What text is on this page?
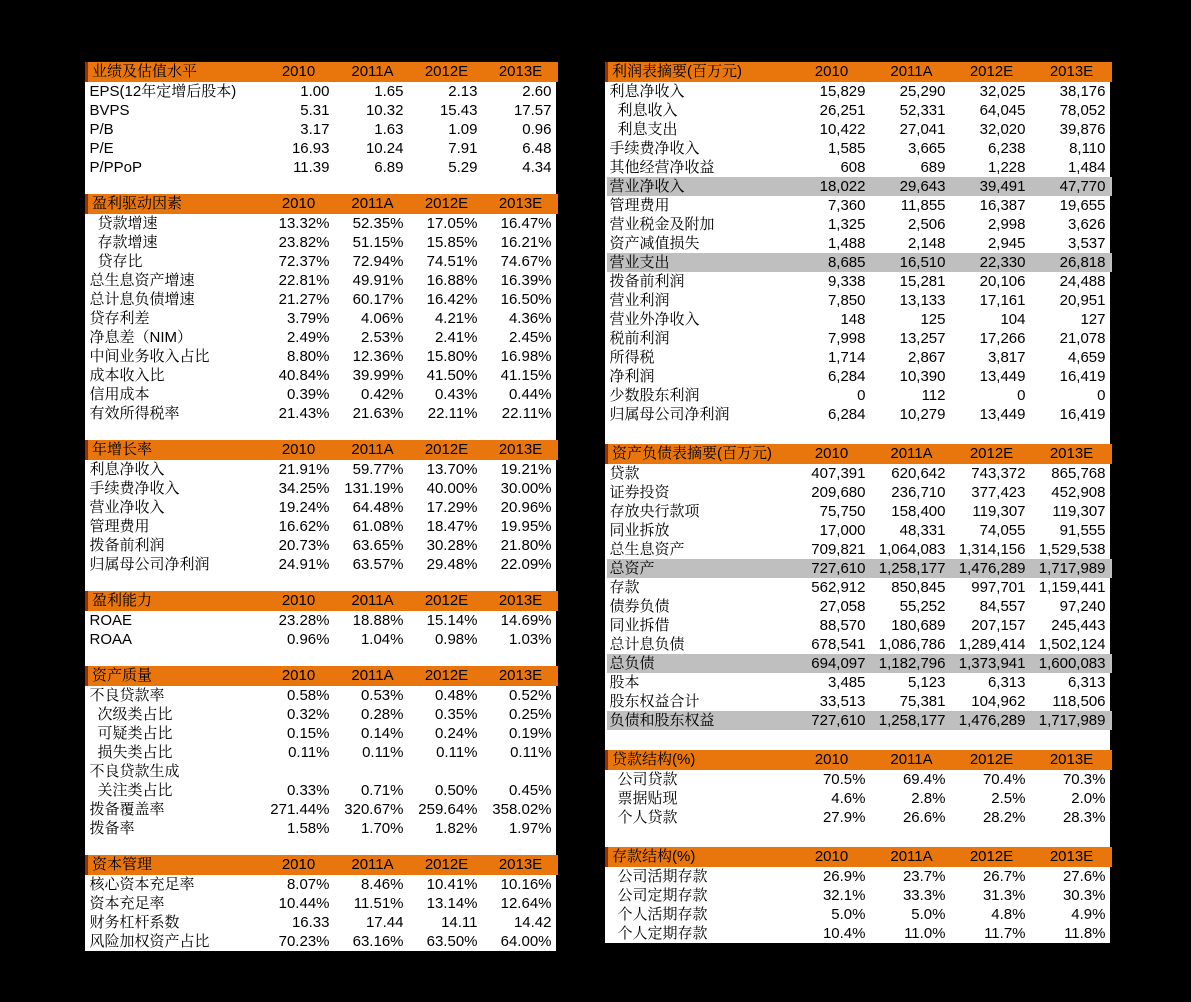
业绩及估值水平	2010	2011A	2012E	2013E
EPS(12年定增后股本)	1.00	1.65	2.13	2.60
BVPS	5.31	10.32	15.43	17.57
P/B	3.17	1.63	1.09	0.96
P/E	16.93	10.24	7.91	6.48
P/PPoP	11.39	6.89	5.29	4.34
盈利驱动因素	2010	2011A	2012E	2013E
贷款增速	13.32%	52.35%	17.05%	16.47%
存款增速	23.82%	51.15%	15.85%	16.21%
贷存比	72.37%	72.94%	74.51%	74.67%
总生息资产增速	22.81%	49.91%	16.88%	16.39%
总计息负债增速	21.27%	60.17%	16.42%	16.50%
贷存利差	3.79%	4.06%	4.21%	4.36%
净息差（NIM）	2.49%	2.53%	2.41%	2.45%
中间业务收入占比	8.80%	12.36%	15.80%	16.98%
成本收入比	40.84%	39.99%	41.50%	41.15%
信用成本	0.39%	0.42%	0.43%	0.44%
有效所得税率	21.43%	21.63%	22.11%	22.11%
年增长率	2010	2011A	2012E	2013E
利息净收入	21.91%	59.77%	13.70%	19.21%
手续费净收入	34.25%	131.19%	40.00%	30.00%
营业净收入	19.24%	64.48%	17.29%	20.96%
管理费用	16.62%	61.08%	18.47%	19.95%
拨备前利润	20.73%	63.65%	30.28%	21.80%
归属母公司净利润	24.91%	63.57%	29.48%	22.09%
盈利能力	2010	2011A	2012E	2013E
ROAE	23.28%	18.88%	15.14%	14.69%
ROAA	0.96%	1.04%	0.98%	1.03%
资产质量	2010	2011A	2012E	2013E
不良贷款率	0.58%	0.53%	0.48%	0.52%
次级类占比	0.32%	0.28%	0.35%	0.25%
可疑类占比	0.15%	0.14%	0.24%	0.19%
损失类占比	0.11%	0.11%	0.11%	0.11%
不良贷款生成				
关注类占比	0.33%	0.71%	0.50%	0.45%
拨备覆盖率	271.44%	320.67%	259.64%	358.02%
拨备率	1.58%	1.70%	1.82%	1.97%
资本管理	2010	2011A	2012E	2013E
核心资本充足率	8.07%	8.46%	10.41%	10.16%
资本充足率	10.44%	11.51%	13.14%	12.64%
财务杠杆系数	16.33	17.44	14.11	14.42
风险加权资产占比	70.23%	63.16%	63.50%	64.00%
利润表摘要(百万元)	2010	2011A	2012E	2013E
利息净收入	15,829	25,290	32,025	38,176
利息收入	26,251	52,331	64,045	78,052
利息支出	10,422	27,041	32,020	39,876
手续费净收入	1,585	3,665	6,238	8,110
其他经营净收益	608	689	1,228	1,484
营业净收入	18,022	29,643	39,491	47,770
管理费用	7,360	11,855	16,387	19,655
营业税金及附加	1,325	2,506	2,998	3,626
资产减值损失	1,488	2,148	2,945	3,537
营业支出	8,685	16,510	22,330	26,818
拨备前利润	9,338	15,281	20,106	24,488
营业利润	7,850	13,133	17,161	20,951
营业外净收入	148	125	104	127
税前利润	7,998	13,257	17,266	21,078
所得税	1,714	2,867	3,817	4,659
净利润	6,284	10,390	13,449	16,419
少数股东利润	0	112	0	0
归属母公司净利润	6,284	10,279	13,449	16,419
资产负债表摘要(百万元)	2010	2011A	2012E	2013E
贷款	407,391	620,642	743,372	865,768
证券投资	209,680	236,710	377,423	452,908
存放央行款项	75,750	158,400	119,307	119,307
同业拆放	17,000	48,331	74,055	91,555
总生息资产	709,821	1,064,083	1,314,156	1,529,538
总资产	727,610	1,258,177	1,476,289	1,717,989
存款	562,912	850,845	997,701	1,159,441
债券负债	27,058	55,252	84,557	97,240
同业拆借	88,570	180,689	207,157	245,443
总计息负债	678,541	1,086,786	1,289,414	1,502,124
总负债	694,097	1,182,796	1,373,941	1,600,083
股本	3,485	5,123	6,313	6,313
股东权益合计	33,513	75,381	104,962	118,506
负债和股东权益	727,610	1,258,177	1,476,289	1,717,989
贷款结构(%)	2010	2011A	2012E	2013E
公司贷款	70.5%	69.4%	70.4%	70.3%
票据贴现	4.6%	2.8%	2.5%	2.0%
个人贷款	27.9%	26.6%	28.2%	28.3%
存款结构(%)	2010	2011A	2012E	2013E
公司活期存款	26.9%	23.7%	26.7%	27.6%
公司定期存款	32.1%	33.3%	31.3%	30.3%
个人活期存款	5.0%	5.0%	4.8%	4.9%
个人定期存款	10.4%	11.0%	11.7%	11.8%
